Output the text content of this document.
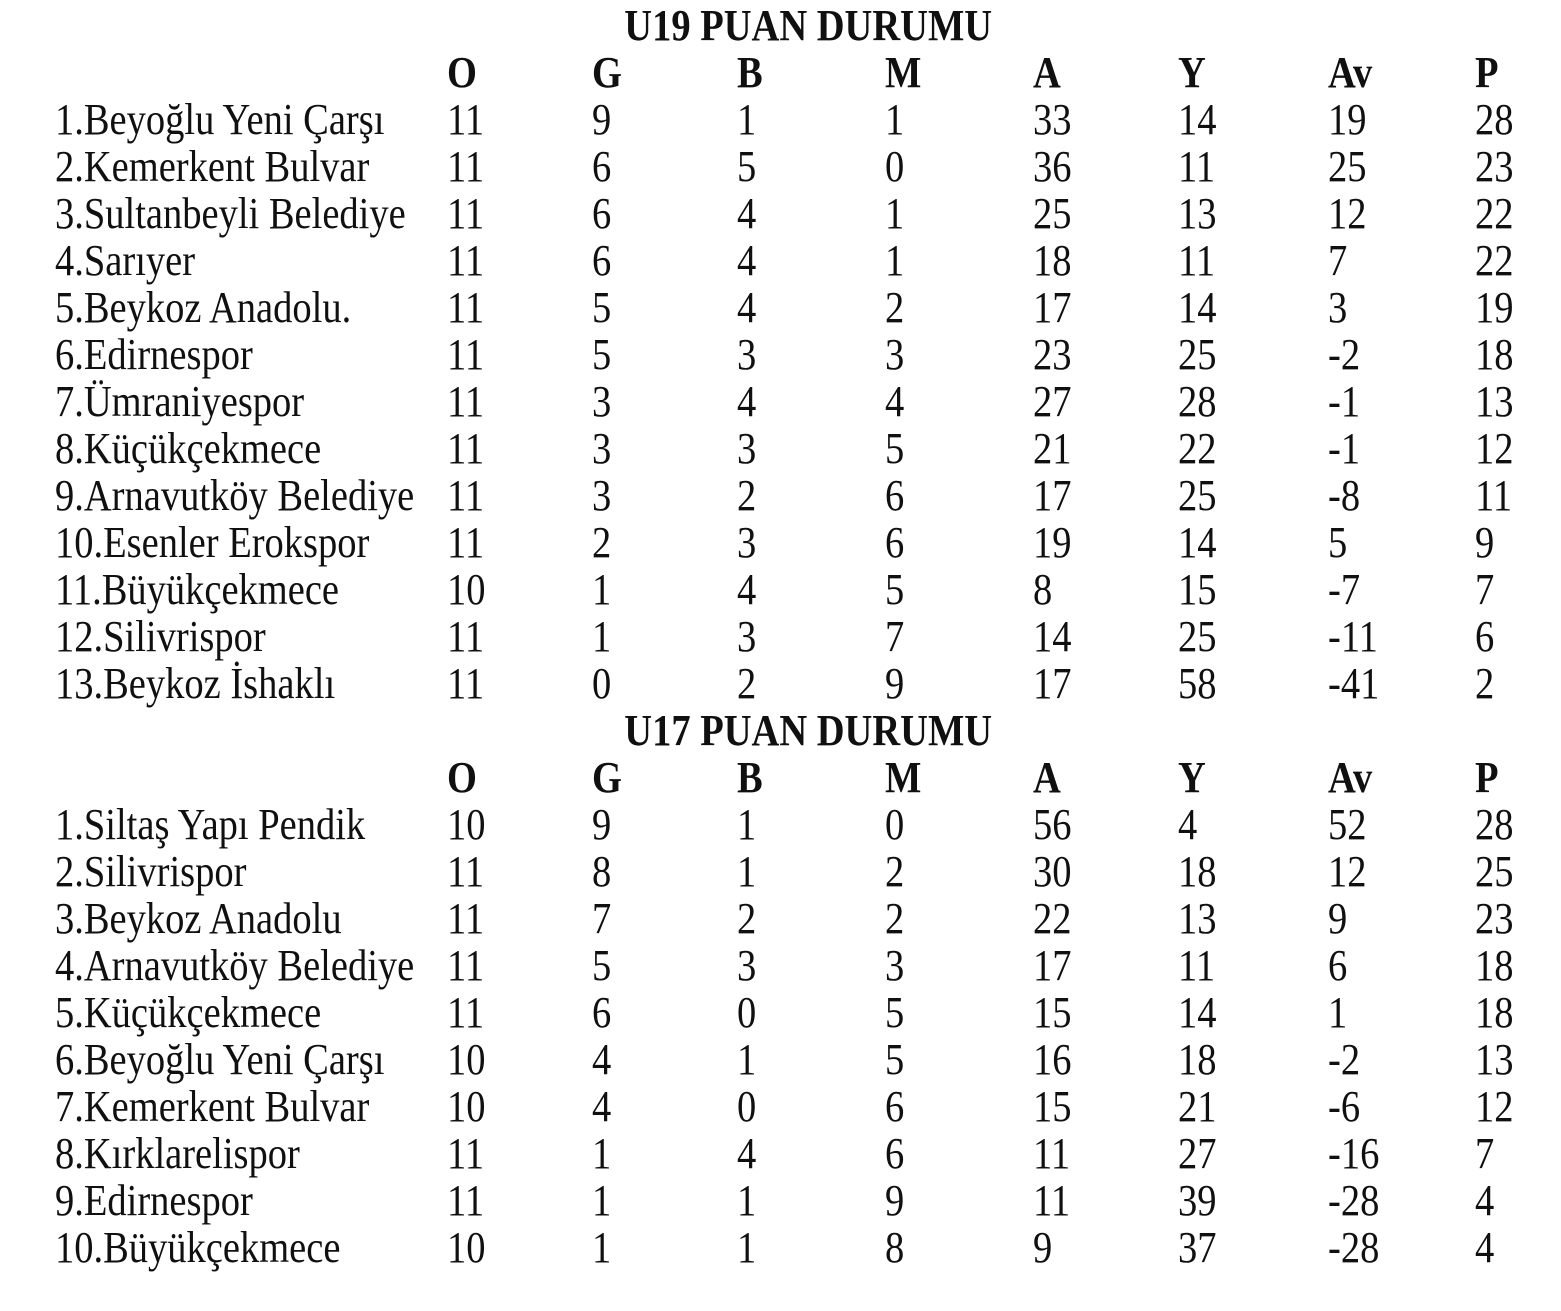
U19 PUAN DURUMU
O	G	B	M	A	Y	Av	P
1.Beyoğlu Yeni Çarşı	11	9	1	1	33	14	19	28
2.Kemerkent Bulvar	11	6	5	0	36	11	25	23
3.Sultanbeyli Belediye 11	6	4	1	25	13	12	22
4.Sarıyer	11	6	4	1	18	11	7	22
5.Beykoz Anadolu.	11	5	4	2	17	14	3	19
6.Edirnespor	11	5	3	3	23	25	-2	18
7.Ümraniyespor	11	3	4	4	27	28	-1	13
8.Küçükçekmece	11	3	3	5	21	22	-1	12
9.Arnavutköy Belediye 11	3	2	6	17	25	-8	11
10.Esenler Erokspor	11	2	3	6	19	14	5	9
11.Büyükçekmece	10	1	4	5	8	15	-7	7
12.Silivrispor	11	1	3	7	14	25	-11	6
13.Beykoz İshaklı	11	0	2	9	17	58	-41	2
U17 PUAN DURUMU
O	G	B	M	A	Y	Av	P
1.Siltaş Yapı Pendik	10	9	1	0	56	4	52	28
2.Silivrispor	11	8	1	2	30	18	12	25
3.Beykoz Anadolu	11	7	2	2	22	13	9	23
4.Arnavutköy Belediye 11	5	3	3	17	11	6	18
5.Küçükçekmece	11	6	0	5	15	14	1	18
6.Beyoğlu Yeni Çarşı	10	4	1	5	16	18	-2	13
7.Kemerkent Bulvar	10	4	0	6	15	21	-6	12
8.Kırklarelispor	11	1	4	6	11	27	-16	7
9.Edirnespor	11	1	1	9	11	39	-28	4
10.Büyükçekmece	10	1	1	8	9	37	-28	4
